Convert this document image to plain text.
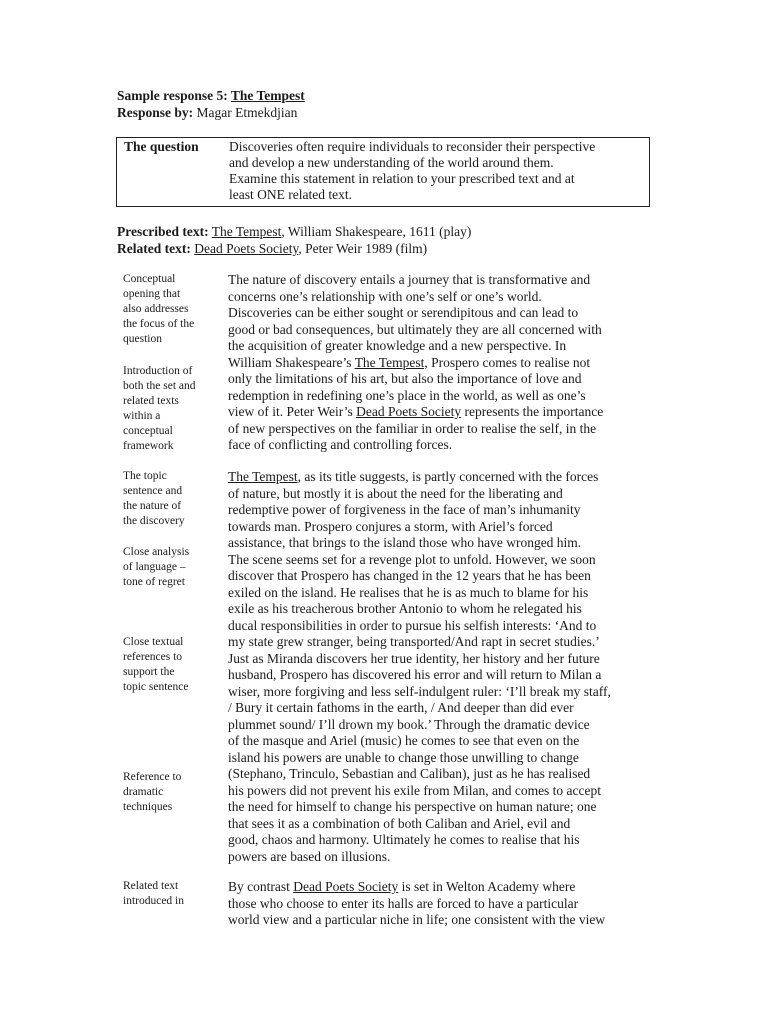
Sample response 5: The Tempest
Response by: Magar Etmekdjian
The question Discoveries often require individuals to reconsider their perspective
and develop a new understanding of the world around them.
Examine this statement in relation to your prescribed text and at
least ONE related text.
Prescribed text: The Tempest, William Shakespeare, 1611 (play)
Related text: Dead Poets Society, Peter Weir 1989 (film)
Conceptual
opening that
also addresses
the focus of the
question
Introduction of
both the set and
related texts
within a
conceptual
framework
The topic
sentence and
the nature of
the discovery
Close analysis
of language –
tone of regret
Close textual
references to
support the
topic sentence
Reference to
dramatic
techniques
Related text
introduced in
The nature of discovery entails a journey that is transformative and
concerns one’s relationship with one’s self or one’s world.
Discoveries can be either sought or serendipitous and can lead to
good or bad consequences, but ultimately they are all concerned with
the acquisition of greater knowledge and a new perspective. In
William Shakespeare’s The Tempest, Prospero comes to realise not
only the limitations of his art, but also the importance of love and
redemption in redefining one’s place in the world, as well as one’s
view of it. Peter Weir’s Dead Poets Society represents the importance
of new perspectives on the familiar in order to realise the self, in the
face of conflicting and controlling forces.
The Tempest, as its title suggests, is partly concerned with the forces
of nature, but mostly it is about the need for the liberating and
redemptive power of forgiveness in the face of man’s inhumanity
towards man. Prospero conjures a storm, with Ariel’s forced
assistance, that brings to the island those who have wronged him.
The scene seems set for a revenge plot to unfold. However, we soon
discover that Prospero has changed in the 12 years that he has been
exiled on the island. He realises that he is as much to blame for his
exile as his treacherous brother Antonio to whom he relegated his
ducal responsibilities in order to pursue his selfish interests: ‘And to
my state grew stranger, being transported/And rapt in secret studies.’
Just as Miranda discovers her true identity, her history and her future
husband, Prospero has discovered his error and will return to Milan a
wiser, more forgiving and less self-indulgent ruler: ‘I’ll break my staff,
/ Bury it certain fathoms in the earth, / And deeper than did ever
plummet sound/ I’ll drown my book.’ Through the dramatic device
of the masque and Ariel (music) he comes to see that even on the
island his powers are unable to change those unwilling to change
(Stephano, Trinculo, Sebastian and Caliban), just as he has realised
his powers did not prevent his exile from Milan, and comes to accept
the need for himself to change his perspective on human nature; one
that sees it as a combination of both Caliban and Ariel, evil and
good, chaos and harmony. Ultimately he comes to realise that his
powers are based on illusions.
By contrast Dead Poets Society is set in Welton Academy where
those who choose to enter its halls are forced to have a particular
world view and a particular niche in life; one consistent with the view
